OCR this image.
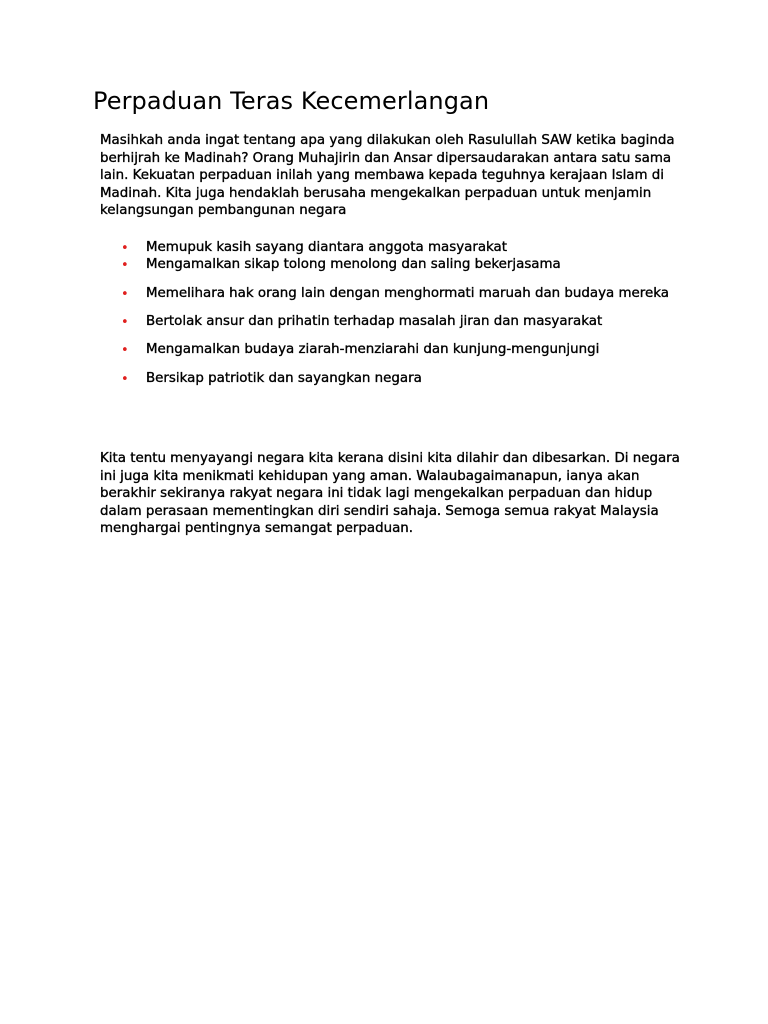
Perpaduan Teras Kecemerlangan

Masihkah anda ingat tentang apa yang dilakukan oleh Rasulullah SAW ketika baginda berhijrah ke Madinah? Orang Muhajirin dan Ansar dipersaudarakan antara satu sama lain. Kekuatan perpaduan inilah yang membawa kepada teguhnya kerajaan Islam di Madinah. Kita juga hendaklah berusaha mengekalkan perpaduan untuk menjamin kelangsungan pembangunan negara

• Memupuk kasih sayang diantara anggota masyarakat
• Mengamalkan sikap tolong menolong dan saling bekerjasama
• Memelihara hak orang lain dengan menghormati maruah dan budaya mereka
• Bertolak ansur dan prihatin terhadap masalah jiran dan masyarakat
• Mengamalkan budaya ziarah-menziarahi dan kunjung-mengunjungi
• Bersikap patriotik dan sayangkan negara

Kita tentu menyayangi negara kita kerana disini kita dilahir dan dibesarkan. Di negara ini juga kita menikmati kehidupan yang aman. Walaubagaimanapun, ianya akan berakhir sekiranya rakyat negara ini tidak lagi mengekalkan perpaduan dan hidup dalam perasaan mementingkan diri sendiri sahaja. Semoga semua rakyat Malaysia menghargai pentingnya semangat perpaduan.
